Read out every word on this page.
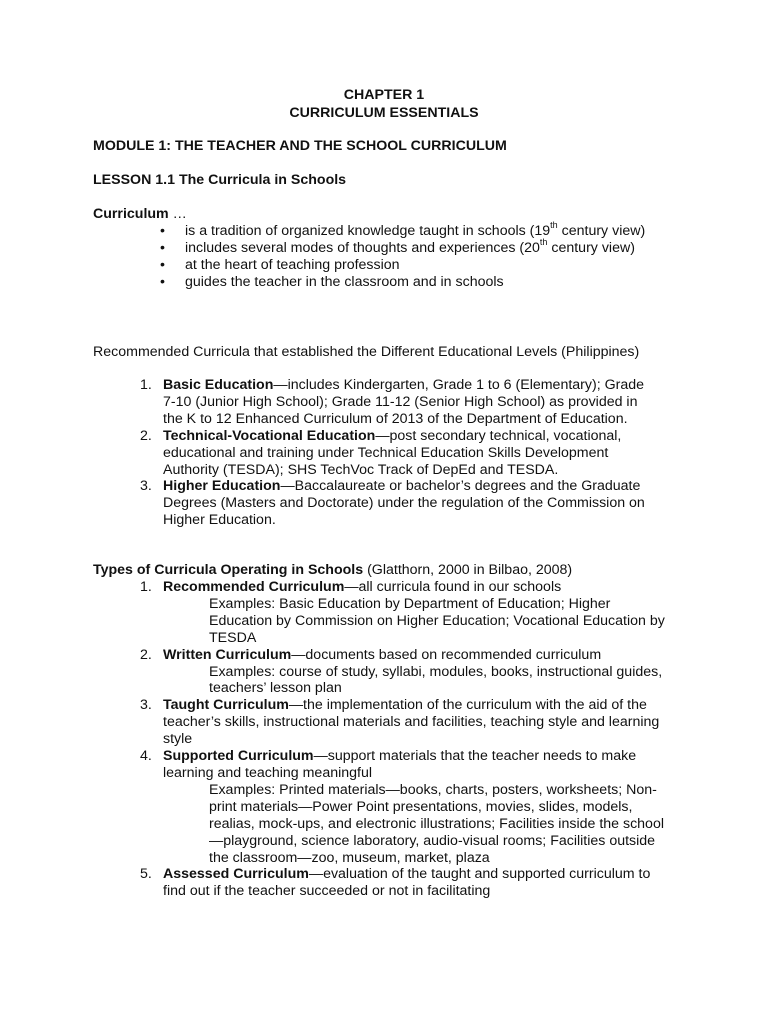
CHAPTER 1
CURRICULUM ESSENTIALS
MODULE 1: THE TEACHER AND THE SCHOOL CURRICULUM
LESSON 1.1 The Curricula in Schools
Curriculum …
• is a tradition of organized knowledge taught in schools (19th century view)
• includes several modes of thoughts and experiences (20th century view)
• at the heart of teaching profession
• guides the teacher in the classroom and in schools
Recommended Curricula that established the Different Educational Levels (Philippines)
1. Basic Education—includes Kindergarten, Grade 1 to 6 (Elementary); Grade 7-10 (Junior High School); Grade 11-12 (Senior High School) as provided in the K to 12 Enhanced Curriculum of 2013 of the Department of Education.
2. Technical-Vocational Education—post secondary technical, vocational, educational and training under Technical Education Skills Development Authority (TESDA); SHS TechVoc Track of DepEd and TESDA.
3. Higher Education—Baccalaureate or bachelor’s degrees and the Graduate Degrees (Masters and Doctorate) under the regulation of the Commission on Higher Education.
Types of Curricula Operating in Schools (Glatthorn, 2000 in Bilbao, 2008)
1. Recommended Curriculum—all curricula found in our schools
Examples: Basic Education by Department of Education; Higher Education by Commission on Higher Education; Vocational Education by TESDA
2. Written Curriculum—documents based on recommended curriculum
Examples: course of study, syllabi, modules, books, instructional guides, teachers’ lesson plan
3. Taught Curriculum—the implementation of the curriculum with the aid of the teacher’s skills, instructional materials and facilities, teaching style and learning style
4. Supported Curriculum—support materials that the teacher needs to make learning and teaching meaningful
Examples: Printed materials—books, charts, posters, worksheets; Non-print materials—Power Point presentations, movies, slides, models, realias, mock-ups, and electronic illustrations; Facilities inside the school—playground, science laboratory, audio-visual rooms; Facilities outside the classroom—zoo, museum, market, plaza
5. Assessed Curriculum—evaluation of the taught and supported curriculum to find out if the teacher succeeded or not in facilitating
